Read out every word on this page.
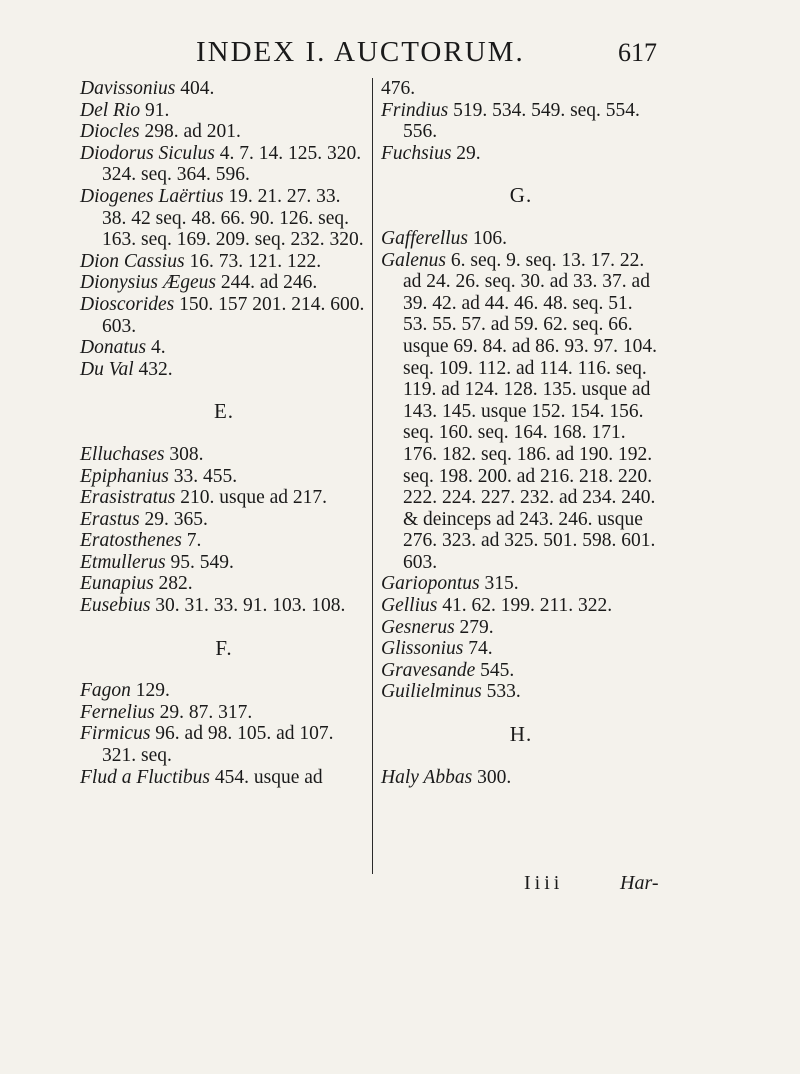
INDEX I. AUCTORUM.	617

Davissonius 404.

Del Rio 91.

Diocles 298. ad 201.

Diodorus Siculus 4. 7. 14. 125. 320. 324. seq. 364. 596.

Diogenes Laërtius 19. 21. 27. 33. 38. 42 seq. 48. 66. 90. 126. seq. 163. seq. 169. 209. seq. 232. 320.

Dion Cassius 16. 73. 121. 122.

Dionysius Ægeus 244. ad 246.

Dioscorides 150. 157 201. 214. 600. 603.

Donatus 4.

Du Val 432.

E.

Elluchases 308.

Epiphanius 33. 455.

Erasistratus 210. usque ad 217.

Erastus 29. 365.

Eratosthenes 7.

Etmullerus 95. 549.

Eunapius 282.

Eusebius 30. 31. 33. 91. 103. 108.

F.

Fagon 129.

Fernelius 29. 87. 317.

Firmicus 96. ad 98. 105. ad 107. 321. seq.

Flud a Fluctibus 454. usque ad

476.

Frindius 519. 534. 549. seq. 554. 556.

Fuchsius 29.

G.

Gafferellus 106.

Galenus 6. seq. 9. seq. 13. 17. 22. ad 24. 26. seq. 30. ad 33. 37. ad 39. 42. ad 44. 46. 48. seq. 51. 53. 55. 57. ad 59. 62. seq. 66. usque 69. 84. ad 86. 93. 97. 104. seq. 109. 112. ad 114. 116. seq. 119. ad 124. 128. 135. usque ad 143. 145. usque 152. 154. 156. seq. 160. seq. 164. 168. 171. 176. 182. seq. 186. ad 190. 192. seq. 198. 200. ad 216. 218. 220. 222. 224. 227. 232. ad 234. 240. & deinceps ad 243. 246. usque 276. 323. ad 325. 501. 598. 601. 603.

Gariopontus 315.

Gellius 41. 62. 199. 211. 322.

Gesnerus 279.

Glissonius 74.

Gravesande 545.

Guilielminus 533.

H.

Haly Abbas 300.

Iiii	Har-
